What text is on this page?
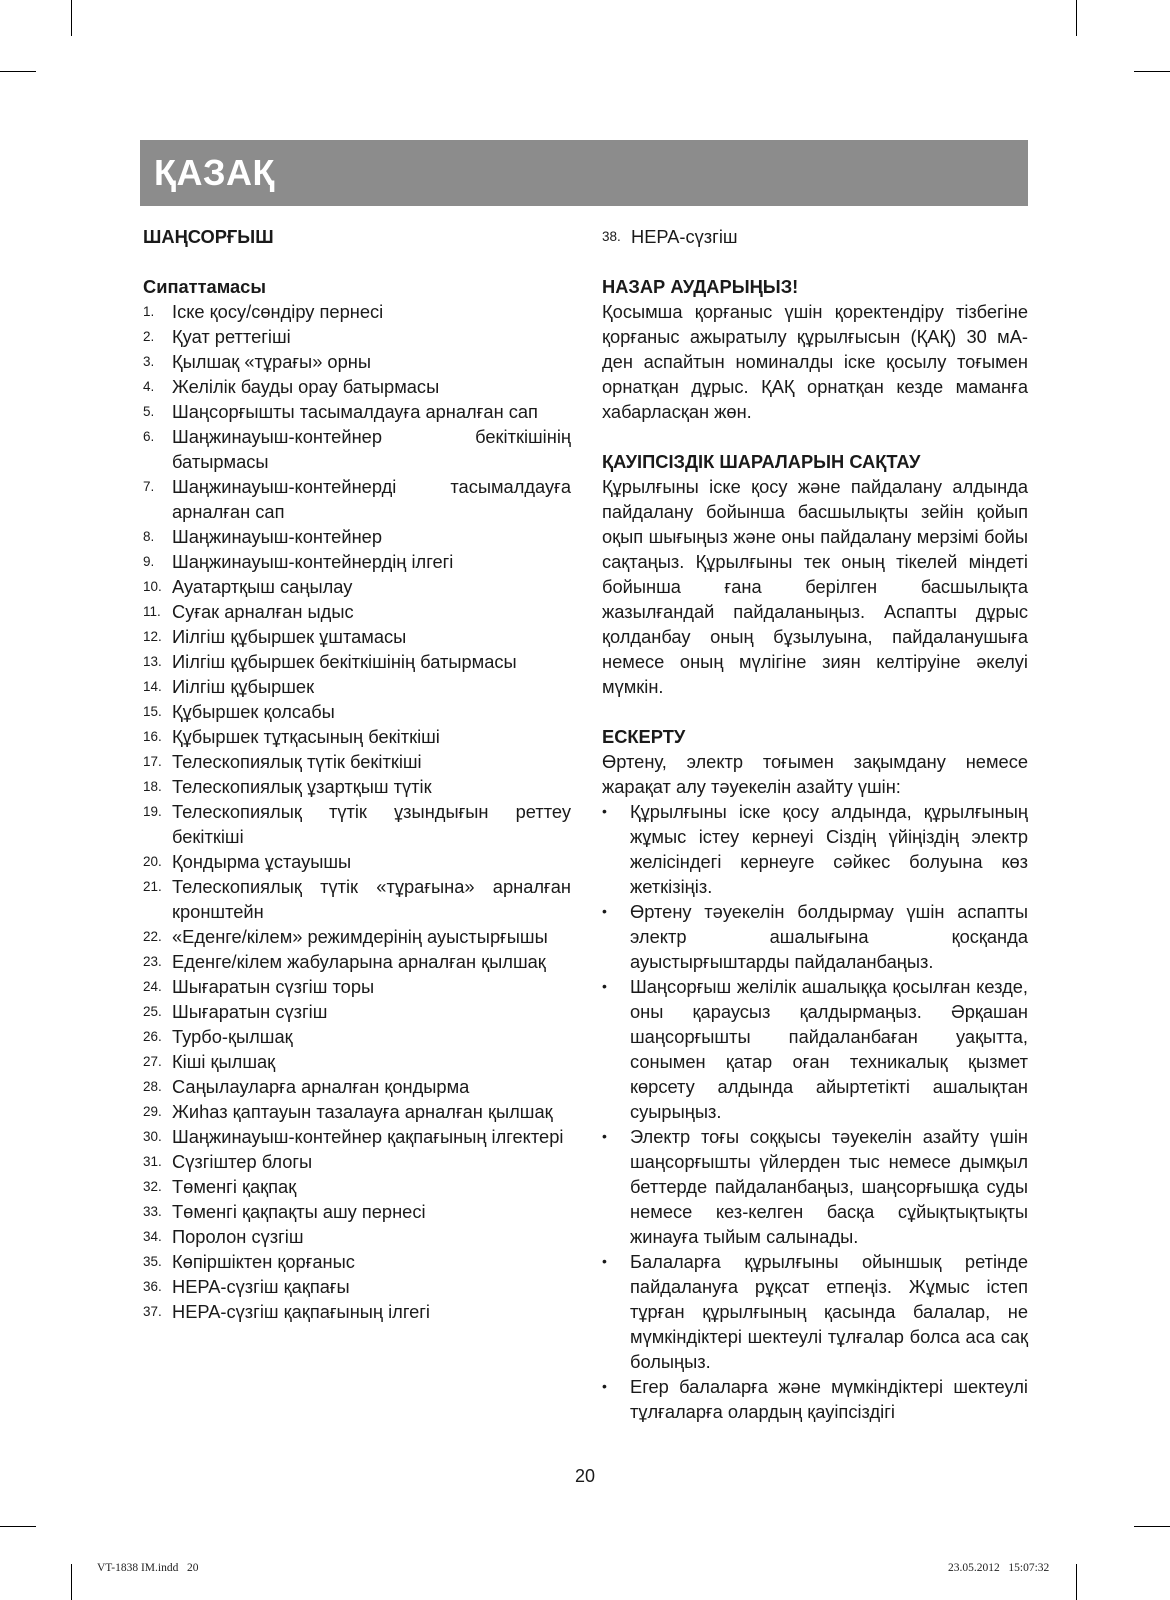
ҚАЗАҚ

ШАҢСОРҒЫШ

Сипаттамасы

1. Іске қосу/сөндіру пернесі
2. Қуат реттегіші
3. Қылшақ «тұрағы» орны
4. Желілік бауды орау батырмасы
5. Шаңсорғышты тасымалдауға арналған сап
6. Шаңжинауыш-контейнер бекіткішінің батырмасы
7. Шаңжинауыш-контейнерді тасымалдауға арналған сап
8. Шаңжинауыш-контейнер
9. Шаңжинауыш-контейнердің ілгегі
10. Ауатартқыш саңылау
11. Суғак арналған ыдыс
12. Иілгіш құбыршек ұштамасы
13. Иілгіш құбыршек бекіткішінің батырмасы
14. Иілгіш құбыршек
15. Құбыршек қолсабы
16. Құбыршек тұтқасының бекіткіші
17. Телескопиялық түтік бекіткіші
18. Телескопиялық ұзартқыш түтік
19. Телескопиялық түтік ұзындығын реттеу бекіткіші
20. Қондырма ұстауышы
21. Телескопиялық түтік «тұрағына» арналған кронштейн
22. «Еденге/кілем» режимдерінің ауыстырғышы
23. Еденге/кілем жабуларына арналған қылшақ
24. Шығаратын сүзгіш торы
25. Шығаратын сүзгіш
26. Турбо-қылшақ
27. Кіші қылшақ
28. Саңылауларға арналған қондырма
29. Жиһаз қаптауын тазалауға арналған қылшақ
30. Шаңжинауыш-контейнер қақпағының ілгектері
31. Сүзгіштер блогы
32. Төменгі қақпақ
33. Төменгі қақпақты ашу пернесі
34. Поролон сүзгіш
35. Көпіршіктен қорғаныс
36. HEPA-сүзгіш қақпағы
37. HEPA-сүзгіш қақпағының ілгегі
38. HEPA-сүзгіш

НАЗАР АУДАРЫҢЫЗ!

Қосымша қорғаныс үшін қоректендіру тізбегіне қорғаныс ажыратылу құрылғысын (ҚАҚ) 30 мА-ден аспайтын номиналды іске қосылу тоғымен орнатқан дұрыс. ҚАҚ орнатқан кезде маманға хабарласқан жөн.

ҚАУІПСІЗДІК ШАРАЛАРЫН САҚТАУ

Құрылғыны іске қосу және пайдалану алдында пайдалану бойынша басшылықты зейін қойып оқып шығыңыз және оны пайдалану мерзімі бойы сақтаңыз. Құрылғыны тек оның тікелей міндеті бойынша ғана берілген басшылықта жазылғандай пайдаланыңыз. Аспапты дұрыс қолданбау оның бұзылуына, пайдаланушыға немесе оның мүлігіне зиян келтіруіне әкелуі мүмкін.

ЕСКЕРТУ

Өртену, электр тоғымен зақымдану немесе жарақат алу тәуекелін азайту үшін:

• Құрылғыны іске қосу алдында, құрылғының жұмыс істеу кернеуі Сіздің үйіңіздің электр желісіндегі кернеуге сәйкес болуына көз жеткізіңіз.
• Өртену тәуекелін болдырмау үшін аспапты электр ашалығына қосқанда ауыстырғыштарды пайдаланбаңыз.
• Шаңсорғыш желілік ашалыққа қосылған кезде, оны қараусыз қалдырмаңыз. Әрқашан шаңсорғышты пайдаланбаған уақытта, сонымен қатар оған техникалық қызмет көрсету алдында айыртетікті ашалықтан суырыңыз.
• Электр тоғы соққысы тәуекелін азайту үшін шаңсорғышты үйлерден тыс немесе дымқыл беттерде пайдаланбаңыз, шаңсорғышқа суды немесе кез-келген басқа сұйықтықтықты жинауға тыйым салынады.
• Балаларға құрылғыны ойыншық ретінде пайдалануға рұқсат етпеңіз. Жұмыс істеп тұрған құрылғының қасында балалар, не мүмкіндіктері шектеулі тұлғалар болса аса сақ болыңыз.
• Егер балаларға және мүмкіндіктері шектеулі тұлғаларға олардың қауіпсіздігі
20
VT-1838 IM.indd   20	23.05.2012   15:07:32
